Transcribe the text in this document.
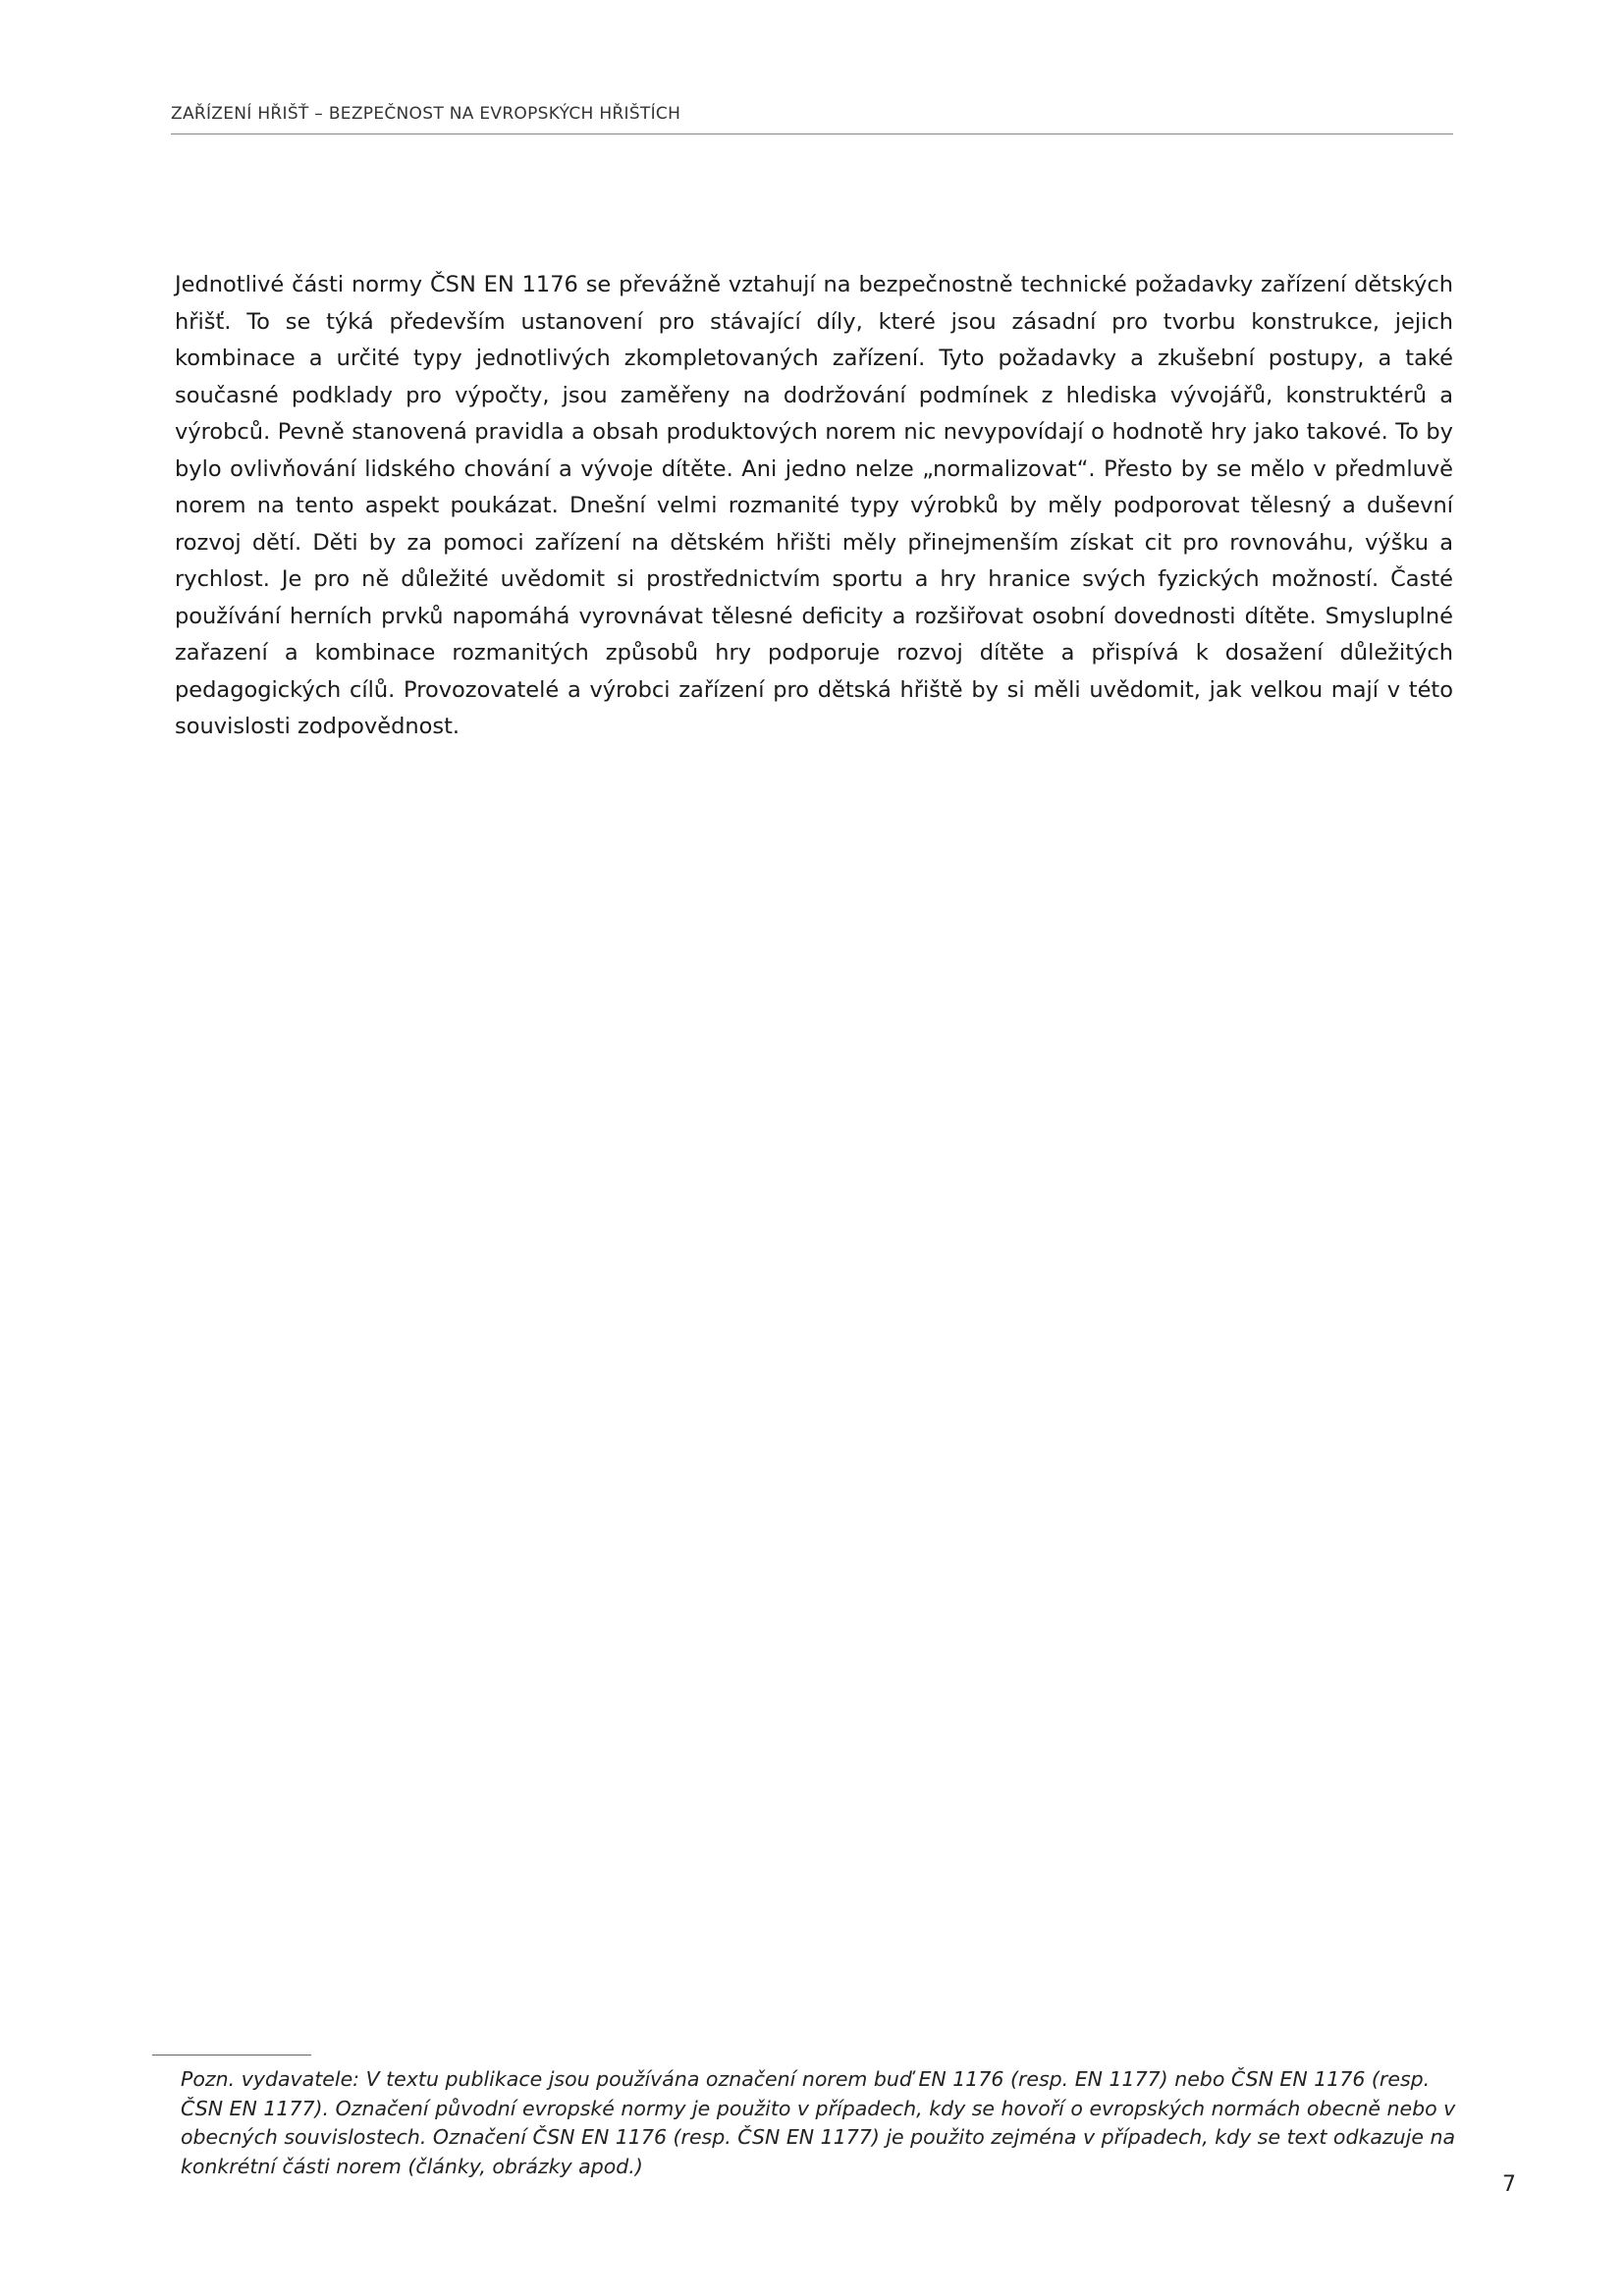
ZAŘÍZENÍ HŘIŠŤ – BEZPEČNOST NA EVROPSKÝCH HŘIŠTÍCH

Jednotlivé části normy ČSN EN 1176 se převážně vztahují na bezpečnostně technické požadavky zařízení dětských hřišť. To se týká především ustanovení pro stávající díly, které jsou zásadní pro tvorbu konstrukce, jejich kombinace a určité typy jednotlivých zkompletovaných zařízení. Tyto požadavky a zkušební postupy, a také současné podklady pro výpočty, jsou zaměřeny na dodržování podmínek z hlediska vývojářů, konstruktérů a výrobců. Pevně stanovená pravidla a obsah produktových norem nic nevypovídají o hodnotě hry jako takové. To by bylo ovlivňování lidského chování a vývoje dítěte. Ani jedno nelze „normalizovat“. Přesto by se mělo v předmluvě norem na tento aspekt poukázat. Dnešní velmi rozmanité typy výrobků by měly podporovat tělesný a duševní rozvoj dětí. Děti by za pomoci zařízení na dětském hřišti měly přinejmenším získat cit pro rovnováhu, výšku a rychlost. Je pro ně důležité uvědomit si prostřednictvím sportu a hry hranice svých fyzických možností. Časté používání herních prvků napomáhá vyrovnávat tělesné deficity a rozšiřovat osobní dovednosti dítěte. Smysluplné zařazení a kombinace rozmanitých způsobů hry podporuje rozvoj dítěte a přispívá k dosažení důležitých pedagogických cílů. Provozovatelé a výrobci zařízení pro dětská hřiště by si měli uvědomit, jak velkou mají v této souvislosti zodpovědnost.

Pozn. vydavatele: V textu publikace jsou používána označení norem buď EN 1176 (resp. EN 1177) nebo ČSN EN 1176 (resp. ČSN EN 1177). Označení původní evropské normy je použito v případech, kdy se hovoří o evropských normách obecně nebo v obecných souvislostech. Označení ČSN EN 1176 (resp. ČSN EN 1177) je použito zejména v případech, kdy se text odkazuje na konkrétní části norem (články, obrázky apod.)

7
